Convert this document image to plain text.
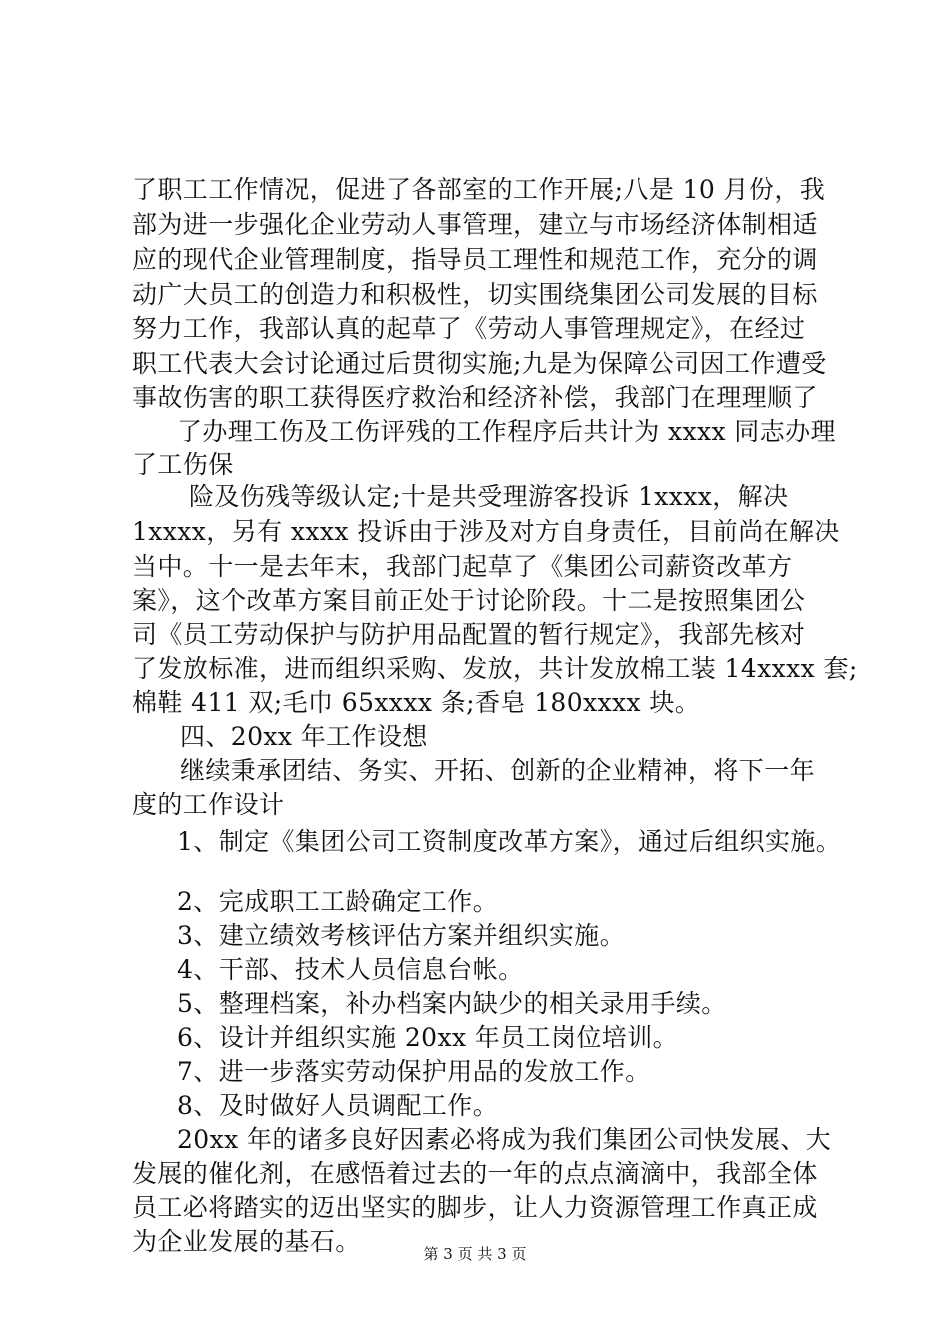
了职工工作情况，促进了各部室的工作开展;八是 10 月份，我
部为进一步强化企业劳动人事管理，建立与市场经济体制相适
应的现代企业管理制度，指导员工理性和规范工作，充分的调
动广大员工的创造力和积极性，切实围绕集团公司发展的目标
努力工作，我部认真的起草了《劳动人事管理规定》，在经过
职工代表大会讨论通过后贯彻实施;九是为保障公司因工作遭受
事故伤害的职工获得医疗救治和经济补偿，我部门在理理顺了
了办理工伤及工伤评残的工作程序后共计为 xxxx 同志办理
了工伤保
险及伤残等级认定;十是共受理游客投诉 1xxxx，解决
1xxxx，另有 xxxx 投诉由于涉及对方自身责任，目前尚在解决
当中。十一是去年末，我部门起草了《集团公司薪资改革方
案》，这个改革方案目前正处于讨论阶段。十二是按照集团公
司《员工劳动保护与防护用品配置的暂行规定》，我部先核对
了发放标准，进而组织采购、发放，共计发放棉工装 14xxxx 套;
棉鞋 411 双;毛巾 65xxxx 条;香皂 180xxxx 块。
四、20xx 年工作设想
继续秉承团结、务实、开拓、创新的企业精神，将下一年
度的工作设计
1、制定《集团公司工资制度改革方案》，通过后组织实施。
2、完成职工工龄确定工作。
3、建立绩效考核评估方案并组织实施。
4、干部、技术人员信息台帐。
5、整理档案，补办档案内缺少的相关录用手续。
6、设计并组织实施 20xx 年员工岗位培训。
7、进一步落实劳动保护用品的发放工作。
8、及时做好人员调配工作。
20xx 年的诸多良好因素必将成为我们集团公司快发展、大
发展的催化剂，在感悟着过去的一年的点点滴滴中，我部全体
员工必将踏实的迈出坚实的脚步，让人力资源管理工作真正成
为企业发展的基石。	第 3 页 共 3 页
